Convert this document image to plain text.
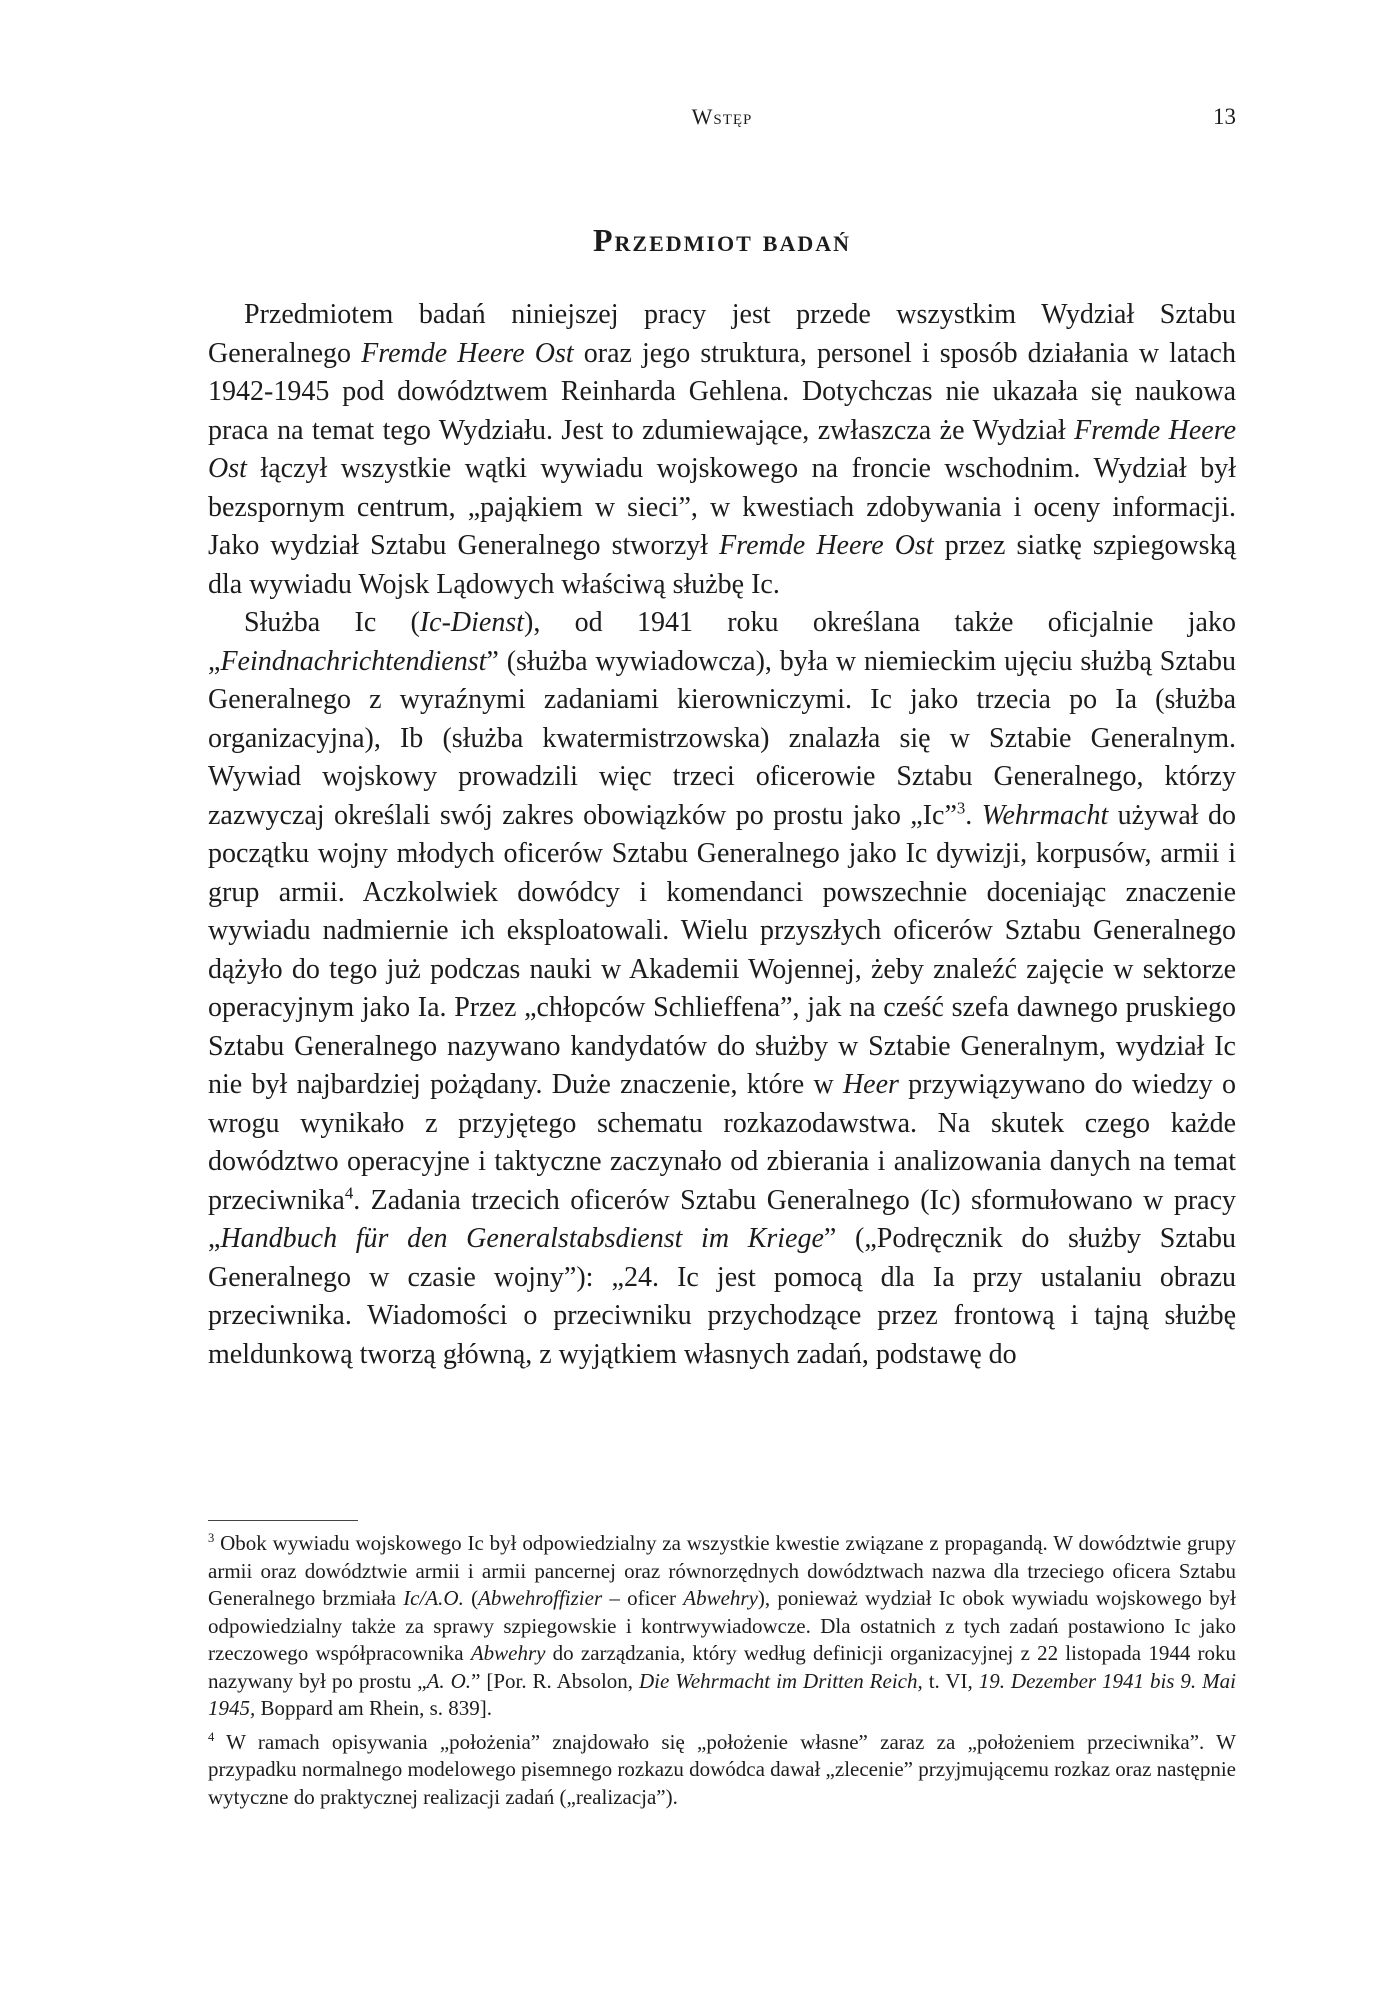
Wstęp	13
Przedmiot badań

Przedmiotem badań niniejszej pracy jest przede wszystkim Wydział Sztabu Generalnego Fremde Heere Ost oraz jego struktura, personel i sposób działania w latach 1942-1945 pod dowództwem Reinharda Gehlena. Dotychczas nie ukazała się naukowa praca na temat tego Wydziału. Jest to zdumiewające, zwłaszcza że Wydział Fremde Heere Ost łączył wszystkie wątki wywiadu wojskowego na froncie wschodnim. Wydział był bezspornym centrum, „pająkiem w sieci”, w kwestiach zdobywania i oceny informacji. Jako wydział Sztabu Generalnego stworzył Fremde Heere Ost przez siatkę szpiegowską dla wywiadu Wojsk Lądowych właściwą służbę Ic.

Służba Ic (Ic-Dienst), od 1941 roku określana także oficjalnie jako „Feindnachrichtendienst” (służba wywiadowcza), była w niemieckim ujęciu służbą Sztabu Generalnego z wyraźnymi zadaniami kierowniczymi. Ic jako trzecia po Ia (służba organizacyjna), Ib (służba kwatermistrzowska) znalazła się w Sztabie Generalnym. Wywiad wojskowy prowadzili więc trzeci oficerowie Sztabu Generalnego, którzy zazwyczaj określali swój zakres obowiązków po prostu jako „Ic”$^3$. Wehrmacht używał do początku wojny młodych oficerów Sztabu Generalnego jako Ic dywizji, korpusów, armii i grup armii. Aczkolwiek dowódcy i komendanci powszechnie doceniając znaczenie wywiadu nadmiernie ich eksploatowali. Wielu przyszłych oficerów Sztabu Generalnego dążyło do tego już podczas nauki w Akademii Wojennej, żeby znaleźć zajęcie w sektorze operacyjnym jako Ia. Przez „chłopców Schlieffena”, jak na cześć szefa dawnego pruskiego Sztabu Generalnego nazywano kandydatów do służby w Sztabie Generalnym, wydział Ic nie był najbardziej pożądany. Duże znaczenie, które w Heer przywiązywano do wiedzy o wrogu wynikało z przyjętego schematu rozkazodawstwa. Na skutek czego każde dowództwo operacyjne i taktyczne zaczynało od zbierania i analizowania danych na temat przeciwnika$^4$. Zadania trzecich oficerów Sztabu Generalnego (Ic) sformułowano w pracy „Handbuch für den Generalstabsdienst im Kriege” („Podręcznik do służby Sztabu Generalnego w czasie wojny”): „24. Ic jest pomocą dla Ia przy ustalaniu obrazu przeciwnika. Wiadomości o przeciwniku przychodzące przez frontową i tajną służbę meldunkową tworzą główną, z wyjątkiem własnych zadań, podstawę do

$^3$ Obok wywiadu wojskowego Ic był odpowiedzialny za wszystkie kwestie związane z propagandą. W dowództwie grupy armii oraz dowództwie armii i armii pancernej oraz równorzędnych dowództwach nazwa dla trzeciego oficera Sztabu Generalnego brzmiała Ic/A.O. (Abwehroffizier – oficer Abwehry), ponieważ wydział Ic obok wywiadu wojskowego był odpowiedzialny także za sprawy szpiegowskie i kontrwywiadowcze. Dla ostatnich z tych zadań postawiono Ic jako rzeczowego współpracownika Abwehry do zarządzania, który według definicji organizacyjnej z 22 listopada 1944 roku nazywany był po prostu „A. O.” [Por. R. Absolon, Die Wehrmacht im Dritten Reich, t. VI, 19. Dezember 1941 bis 9. Mai 1945, Boppard am Rhein, s. 839].

$^4$ W ramach opisywania „położenia” znajdowało się „położenie własne” zaraz za „położeniem przeciwnika”. W przypadku normalnego modelowego pisemnego rozkazu dowódca dawał „zlecenie” przyjmującemu rozkaz oraz następnie wytyczne do praktycznej realizacji zadań („realizacja”).
